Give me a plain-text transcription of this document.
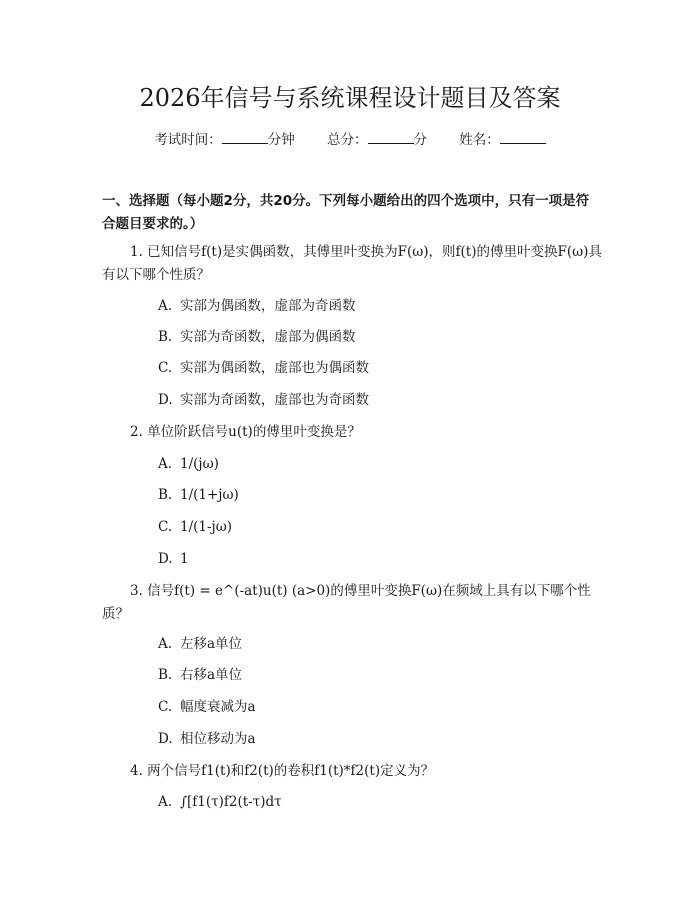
2026年信号与系统课程设计题目及答案
考试时间：	分钟 总分：	分 姓名：
一、选择题（每小题2分，共20分。下列每小题给出的四个选项中，只有一项是符合题目要求的。）
1. 已知信号f(t)是实偶函数，其傅里叶变换为F(ω)，则f(t)的傅里叶变换F(ω)具有以下哪个性质？
A. 实部为偶函数，虚部为奇函数
B. 实部为奇函数，虚部为偶函数
C. 实部为偶函数，虚部也为偶函数
D. 实部为奇函数，虚部也为奇函数
2. 单位阶跃信号u(t)的傅里叶变换是？
A. 1/(jω)
B. 1/(1+jω)
C. 1/(1-jω)
D. 1
3. 信号f(t) = e^(-at)u(t) (a>0)的傅里叶变换F(ω)在频域上具有以下哪个性质？
A. 左移a单位
B. 右移a单位
C. 幅度衰减为a
D. 相位移动为a
4. 两个信号f1(t)和f2(t)的卷积f1(t)*f2(t)定义为？
A. ∫[f1(τ)f2(t-τ)dτ
